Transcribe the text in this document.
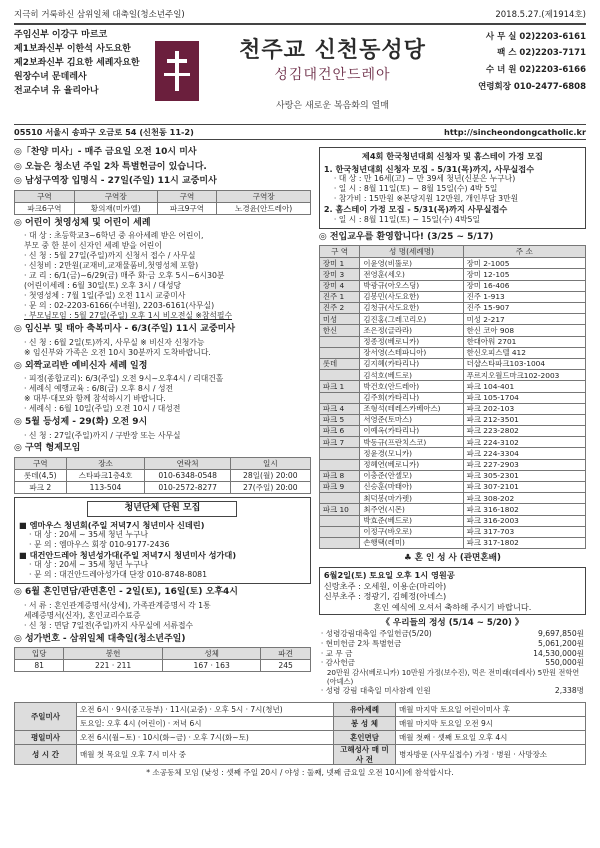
지극히 거룩하신 삼위일체 대축일(청소년주일)	2018.5.27.(제1914호)
주임신부 이강구 마르코
제1보좌신부 이한석 사도요한
제2보좌신부 김요한 세례자요한
원장수녀 문데레사
전교수녀 유 율리아나
천주교 신천동성당
성김대건안드레아
사랑은 새로운 복음화의 열매
사 무 실 02)2203-6161
팩 스 02)2203-7171
수 녀 원 02)2203-6166
연령회장 010-2477-6808
05510 서울시 송파구 오금로 54 (신천동 11-2)	http://sincheondongcatholic.kr
◎「찬양 미사」- 매주 금요일 오전 10시 미사
◎ 오늘은 청소년 주일 2차 특별헌금이 있습니다.
◎ 남성구역장 입명식 - 27일(주일) 11시 교중미사
구역	구역장	구역	구역장
파크6구역	황의재(미카엘)	파크9구역	노경윤(안드레아)
◎ 어린이 첫영성체 및 어린이 세례
· 대 상 : 초등학교3~6학년 중 유아세례 받은 어린이,
부모 중 한 분이 신자인 세례 받을 어린이
· 신 청 : 5월 27일(주일)까지 신청서 접수 / 사무실
· 신청비 : 2만원(교재비,교재물품비,첫영성체 포함)
· 교 리 : 6/1(금)~6/29(금) 매주 화·금 오후 5시~6시30분
(어린이세례 : 6월 30일(토) 오후 3시 / 대성당
· 첫영성체 : 7월 1일(주일) 오전 11시 교중미사
· 문 의 : 02-2203-6166(수녀원), 2203-6161(사무실)
· 부모님모임 : 5월 27일(주일) 오후 1시 비오전실 ※참석필수
◎ 임신부 및 태아 축복미사 - 6/3(주일) 11시 교중미사
· 신 청 : 6월 2일(토)까지, 사무실 ※ 비신자 신청가능
※ 임신부와 가족은 오전 10시 30분까지 도착바랍니다.
◎ 외짝교리반 예비신자 세례 일정
· 피정(종합교리): 6/3(주일) 오전 9시~오후4시 / 리대건홀
· 세례식 예행교육 : 6/8(금) 오후 8시 / 성전
※ 대부·대모와 함께 참석하시기 바랍니다.
· 세례식 : 6월 10일(주일) 오전 10시 / 대성전
◎ 5월 등성제 - 29(화) 오전 9시
· 신 청 : 27일(주일)까지 / 구반장 또는 사무실
◎ 구역 형제모임
구역	장소	연락처	일시
롯데(4,5)	스타파크1층4호	010-6348-0548	28일(월) 20:00
파크 2	113-504	010-2572-8277	27(주일) 20:00
청년단체 단원 모집
■ 엠마우스 청년회(주일 저녁7시 청년미사 신데린)
· 대 상 : 20세 ~ 35세 청년 누구나
· 문 의 : 엠마우스 회장 010-9177-2436
■ 대건안드레아 청년성가대(주일 저녁7시 청년미사 성가대)
· 대 상 : 20세 ~ 35세 청년 누구나
· 문 의 : 대건안드레아성가대 단장 010-8748-8081
◎ 6월 혼인면담/관면혼인 - 2일(토), 16일(토) 오후4시
· 서 류 : 혼인관계증명서(상세), 가족관계증명서 각 1통
세례증명서(신자), 혼인교리수료증
· 신 청 : 면담 7일전(주일)까지 사무실에 서류접수
◎ 성가번호 - 삼위일체 대축일(청소년주일)
입당	봉헌	성체	파견
81	221 · 211	167 · 163	245
제4회 한국청년대회 신청자 및 홈스테이 가정 모집
1. 한국청년대회 신청자 모집 - 5/31(목)까지, 사무실접수
· 대 상 : 만 16세(고) ~ 만 39세 청년(신분은 누구나)
· 일 시 : 8월 11일(토) ~ 8월 15일(수) 4박 5일
· 참가비 : 15만원 ※본당지원 12만원, 개인부담 3만원
2. 홈스테이 가정 모집 - 5/31(목)까지 사무실접수
· 일 시 : 8월 11일(토) ~ 15일(수) 4박5일
◎ 전입교우를 환영합니다! (3/25 ~ 5/17)
구 역	성 명(세례명)	주 소
장미 1	이윤영(비뚤로)	장미 2-1005
장미 3	전영훈(세오)	장미 12-105
장미 4	박광규(아오스딩)	장미 16-406
진주 1	김봉민(사도요한)	진주 1-913
진주 2	김청규(사도요한)	진주 15-907
미성	김진홍(그레고리오)	미성 2-217
한신	조은정(글라라)	한신 코아 908
	정종정(베로니카)	한대아워 2701
	장서영(스테파니아)	한신오피스텔 412
롯데	김지혜(카타리나)	더샵스타파크103-1004
	김석호(베드로)	푸르지오월드마크102-2003
파크 1	박건호(안드레아)	파크 104-401
	김주희(카타리나)	파크 105-1704
파크 4	조형석(테레스카베아스)	파크 202-103
파크 5	서영준(토마스)	파크 212-3501
파크 6	이예옥(카타리나)	파크 223-2802
파크 7	박동규(프란치스코)	파크 224-3102
	정윤경(모니카)	파크 224-3304
	정혜연(베로니카)	파크 227-2903
파크 8	이충준(안셀모)	파크 305-2301
파크 9	신승훈(마태아)	파크 307-2101
	최덕봉(마가렛)	파크 308-202
파크 10	최주연(시몬)	파크 316-1802
	박효준(베드로)	파크 316-2003
	이정구(바오로)	파크 317-703
	손행택(레미)	파크 317-1802
♣ 혼 인 성 사 (관면혼배)
6월2일(토) 토요일 오후 1시 영원공
신랑초주 : 오세원, 이용순(마리아)
신부초주 : 정광기, 김혜정(아녜스)
혼인 예식에 오셔서 축하해 주시기 바랍니다.
《 우리들의 정성 (5/14 ~ 5/20) 》
· 성령강림대축일 주일헌금(5/20)	9,697,850원
· 현미헌금 2차 특별헌금	5,061,200원
· 교 무 금	14,530,000원
· 감사헌금	550,000원
20만원 감사(베로니카) 10만원 가정(보수진), 먹은 전미래(데레사) 5만원 전학연(아녜스)
· 성령 강림 대축일 미사참례 인원	2,338명
주일미사	오전 6시 · 9시(중고등부) · 11시(교중) · 오후 5시 · 7시(청년)	유아세례	매월 마지막 토요일 어린이미사 후
	토요일: 오후 4시 (어린이) · 저녁 6시	봉 성 체	매월 마지막 토요일 오전 9시
평일미사	오전 6시(월~토) · 10시(화~금) · 오후 7시(화~토)	혼인면담	매월 첫째 · 셋째 토요일 오후 4시
성 시 간	매월 첫 목요일 오후 7시 미사 중	고해성사 매 미사 전	병자방문 (사무실접수) 가정 · 병원 · 사망장소
* 소공동체 모임 (낮성 : 셋째 주일 20시 / 야성 : 둘째, 넷째 금요일 오전 10시)에 참석합시다.
